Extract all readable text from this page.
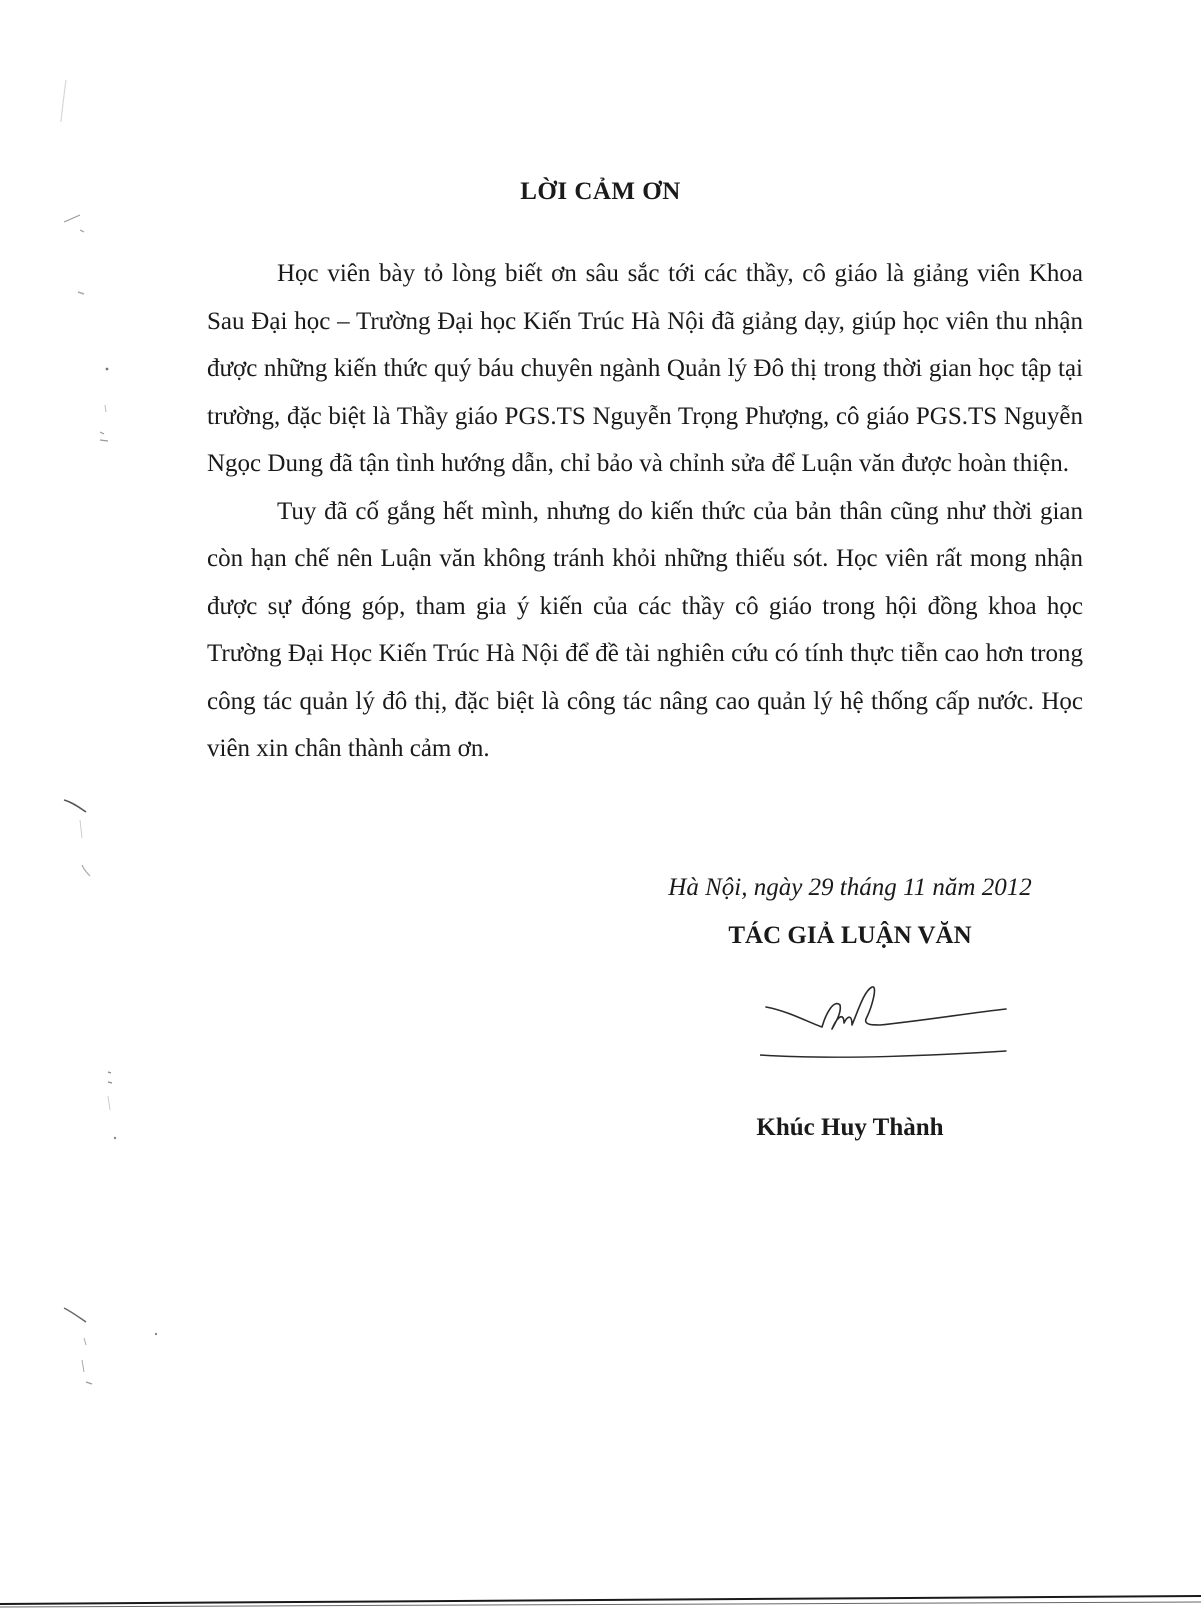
LỜI CẢM ƠN

Học viên bày tỏ lòng biết ơn sâu sắc tới các thầy, cô giáo là giảng viên Khoa Sau Đại học – Trường Đại học Kiến Trúc Hà Nội đã giảng dạy, giúp học viên thu nhận được những kiến thức quý báu chuyên ngành Quản lý Đô thị trong thời gian học tập tại trường, đặc biệt là Thầy giáo PGS.TS Nguyễn Trọng Phượng, cô giáo PGS.TS Nguyễn Ngọc Dung đã tận tình hướng dẫn, chỉ bảo và chỉnh sửa để Luận văn được hoàn thiện.

Tuy đã cố gắng hết mình, nhưng do kiến thức của bản thân cũng như thời gian còn hạn chế nên Luận văn không tránh khỏi những thiếu sót. Học viên rất mong nhận được sự đóng góp, tham gia ý kiến của các thầy cô giáo trong hội đồng khoa học Trường Đại Học Kiến Trúc Hà Nội để đề tài nghiên cứu có tính thực tiễn cao hơn trong công tác quản lý đô thị, đặc biệt là công tác nâng cao quản lý hệ thống cấp nước. Học viên xin chân thành cảm ơn.

Hà Nội, ngày 29 tháng 11 năm 2012
TÁC GIẢ LUẬN VĂN
Khúc Huy Thành
